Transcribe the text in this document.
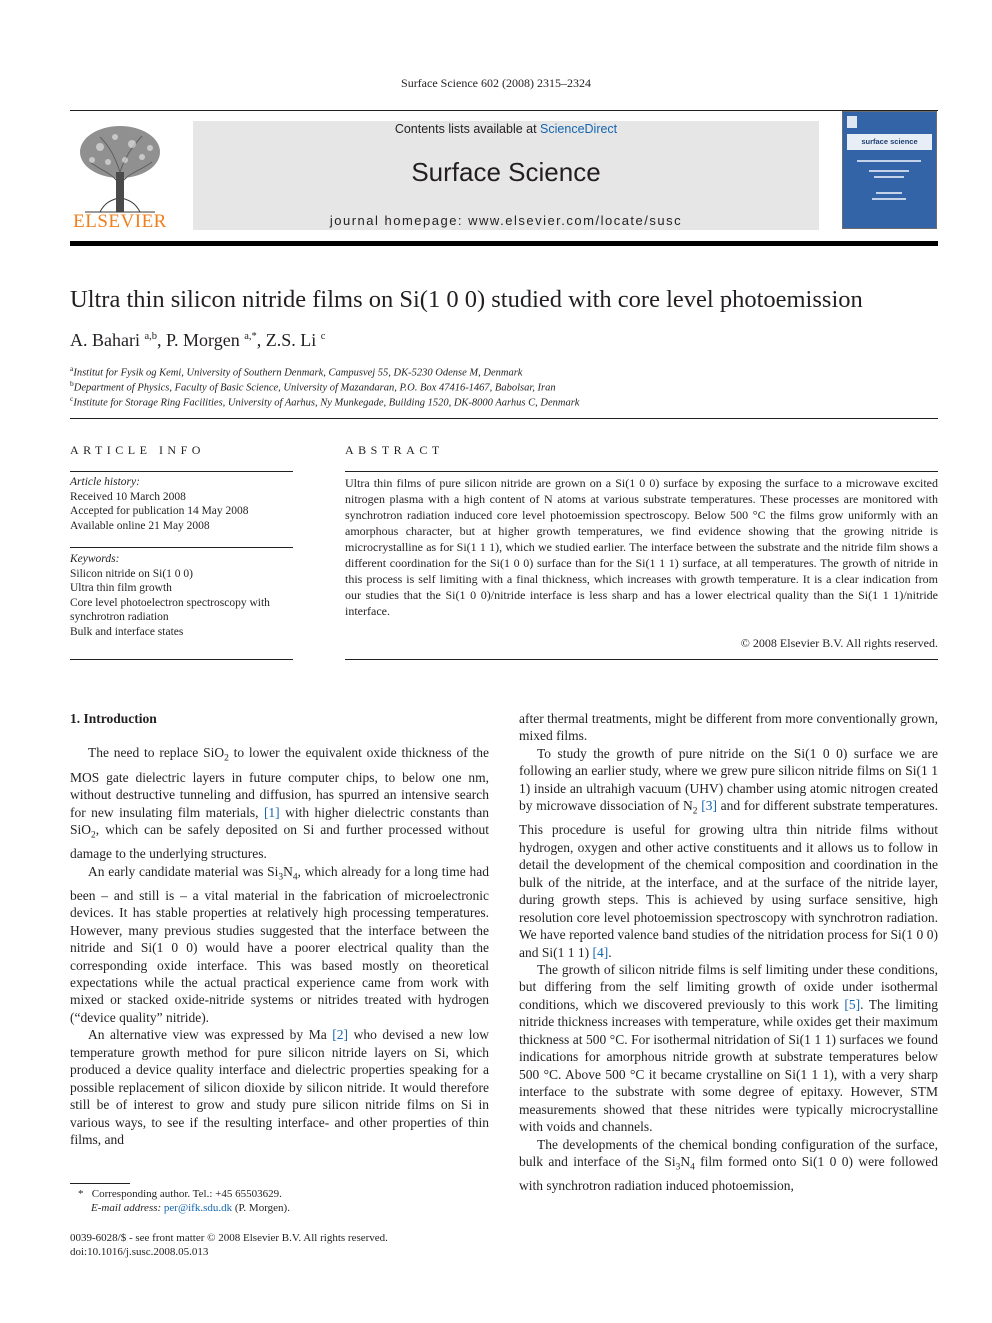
Surface Science 602 (2008) 2315–2324
ELSEVIER
Contents lists available at ScienceDirect
Surface Science
journal homepage: www.elsevier.com/locate/susc
surface science
Ultra thin silicon nitride films on Si(1 0 0) studied with core level photoemission
A. Bahari $^{a,b}$, P. Morgen $^{a,*}$, Z.S. Li $^c$
$^a$Institut for Fysik og Kemi, University of Southern Denmark, Campusvej 55, DK-5230 Odense M, Denmark
$^b$Department of Physics, Faculty of Basic Science, University of Mazandaran, P.O. Box 47416-1467, Babolsar, Iran
$^c$Institute for Storage Ring Facilities, University of Aarhus, Ny Munkegade, Building 1520, DK-8000 Aarhus C, Denmark
ARTICLE INFO
Article history:
Received 10 March 2008
Accepted for publication 14 May 2008
Available online 21 May 2008
Keywords:
Silicon nitride on Si(1 0 0)
Ultra thin film growth
Core level photoelectron spectroscopy with
synchrotron radiation
Bulk and interface states
ABSTRACT
Ultra thin films of pure silicon nitride are grown on a Si(1 0 0) surface by exposing the surface to a microwave excited nitrogen plasma with a high content of N atoms at various substrate temperatures. These processes are monitored with synchrotron radiation induced core level photoemission spectroscopy. Below 500 °C the films grow uniformly with an amorphous character, but at higher growth temperatures, we find evidence showing that the growing nitride is microcrystalline as for Si(1 1 1), which we studied earlier. The interface between the substrate and the nitride film shows a different coordination for the Si(1 0 0) surface than for the Si(1 1 1) surface, at all temperatures. The growth of nitride in this process is self limiting with a final thickness, which increases with growth temperature. It is a clear indication from our studies that the Si(1 0 0)/nitride interface is less sharp and has a lower electrical quality than the Si(1 1 1)/nitride interface.
© 2008 Elsevier B.V. All rights reserved.

1. Introduction

The need to replace SiO$_2$ to lower the equivalent oxide thickness of the MOS gate dielectric layers in future computer chips, to below one nm, without destructive tunneling and diffusion, has spurred an intensive search for new insulating film materials, [1] with higher dielectric constants than SiO$_2$, which can be safely deposited on Si and further processed without damage to the underlying structures.

An early candidate material was $Si_3N_4$, which already for a long time had been – and still is – a vital material in the fabrication of microelectronic devices. It has stable properties at relatively high processing temperatures. However, many previous studies suggested that the interface between the nitride and Si(1 0 0) would have a poorer electrical quality than the corresponding oxide interface. This was based mostly on theoretical expectations while the actual practical experience came from work with mixed or stacked oxide-nitride systems or nitrides treated with hydrogen (“device quality” nitride).

An alternative view was expressed by Ma [2] who devised a new low temperature growth method for pure silicon nitride layers on Si, which produced a device quality interface and dielectric properties speaking for a possible replacement of silicon dioxide by silicon nitride. It would therefore still be of interest to grow and study pure silicon nitride films on Si in various ways, to see if the resulting interface- and other properties of thin films, and

after thermal treatments, might be different from more conventionally grown, mixed films.

To study the growth of pure nitride on the Si(1 0 0) surface we are following an earlier study, where we grew pure silicon nitride films on Si(1 1 1) inside an ultrahigh vacuum (UHV) chamber using atomic nitrogen created by microwave dissociation of $N_2$ [3] and for different substrate temperatures. This procedure is useful for growing ultra thin nitride films without hydrogen, oxygen and other active constituents and it allows us to follow in detail the development of the chemical composition and coordination in the bulk of the nitride, at the interface, and at the surface of the nitride layer, during growth steps. This is achieved by using surface sensitive, high resolution core level photoemission spectroscopy with synchrotron radiation. We have reported valence band studies of the nitridation process for Si(1 0 0) and Si(1 1 1) [4].

The growth of silicon nitride films is self limiting under these conditions, but differing from the self limiting growth of oxide under isothermal conditions, which we discovered previously to this work [5]. The limiting nitride thickness increases with temperature, while oxides get their maximum thickness at 500 °C. For isothermal nitridation of Si(1 1 1) surfaces we found indications for amorphous nitride growth at substrate temperatures below 500 °C. Above 500 °C it became crystalline on Si(1 1 1), with a very sharp interface to the substrate with some degree of epitaxy. However, STM measurements showed that these nitrides were typically microcrystalline with voids and channels.

The developments of the chemical bonding configuration of the surface, bulk and interface of the $Si_3N_4$ film formed onto Si(1 0 0) were followed with synchrotron radiation induced photoemission,

* Corresponding author. Tel.: +45 65503629.
E-mail address: per@ifk.sdu.dk (P. Morgen).
0039-6028/$ - see front matter © 2008 Elsevier B.V. All rights reserved.
doi:10.1016/j.susc.2008.05.013
